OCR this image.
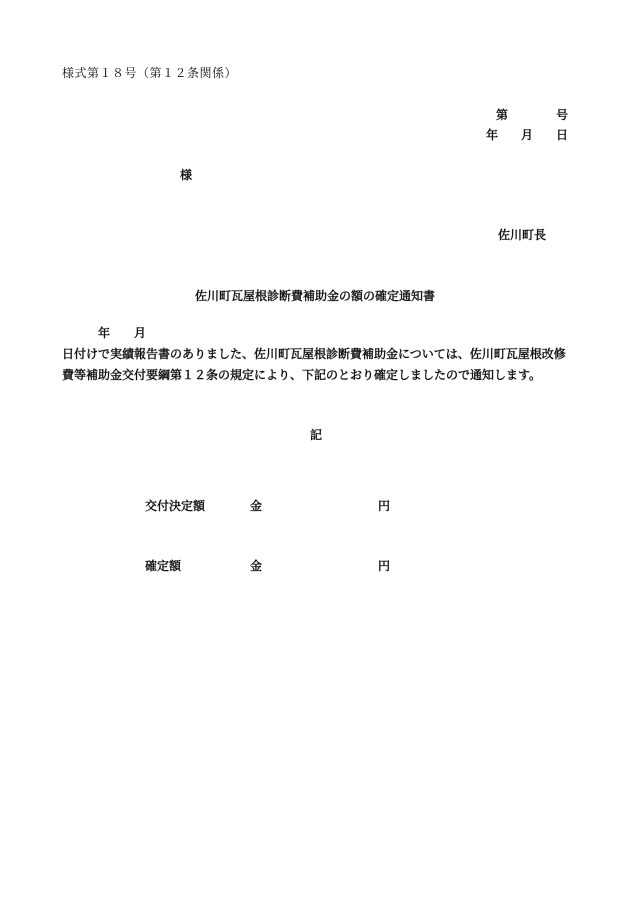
様式第１８号（第１２条関係）
第	号
年 月 日
様
佐川町長
佐川町瓦屋根診断費補助金の額の確定通知書
年 月日付けで実績報告書のありました、佐川町瓦屋根診断費補助金については、佐川町瓦屋根改修費等補助金交付要綱第１２条の規定により、下記のとおり確定しましたので通知します。
記
交付決定額	金	円
確定額	金	円
